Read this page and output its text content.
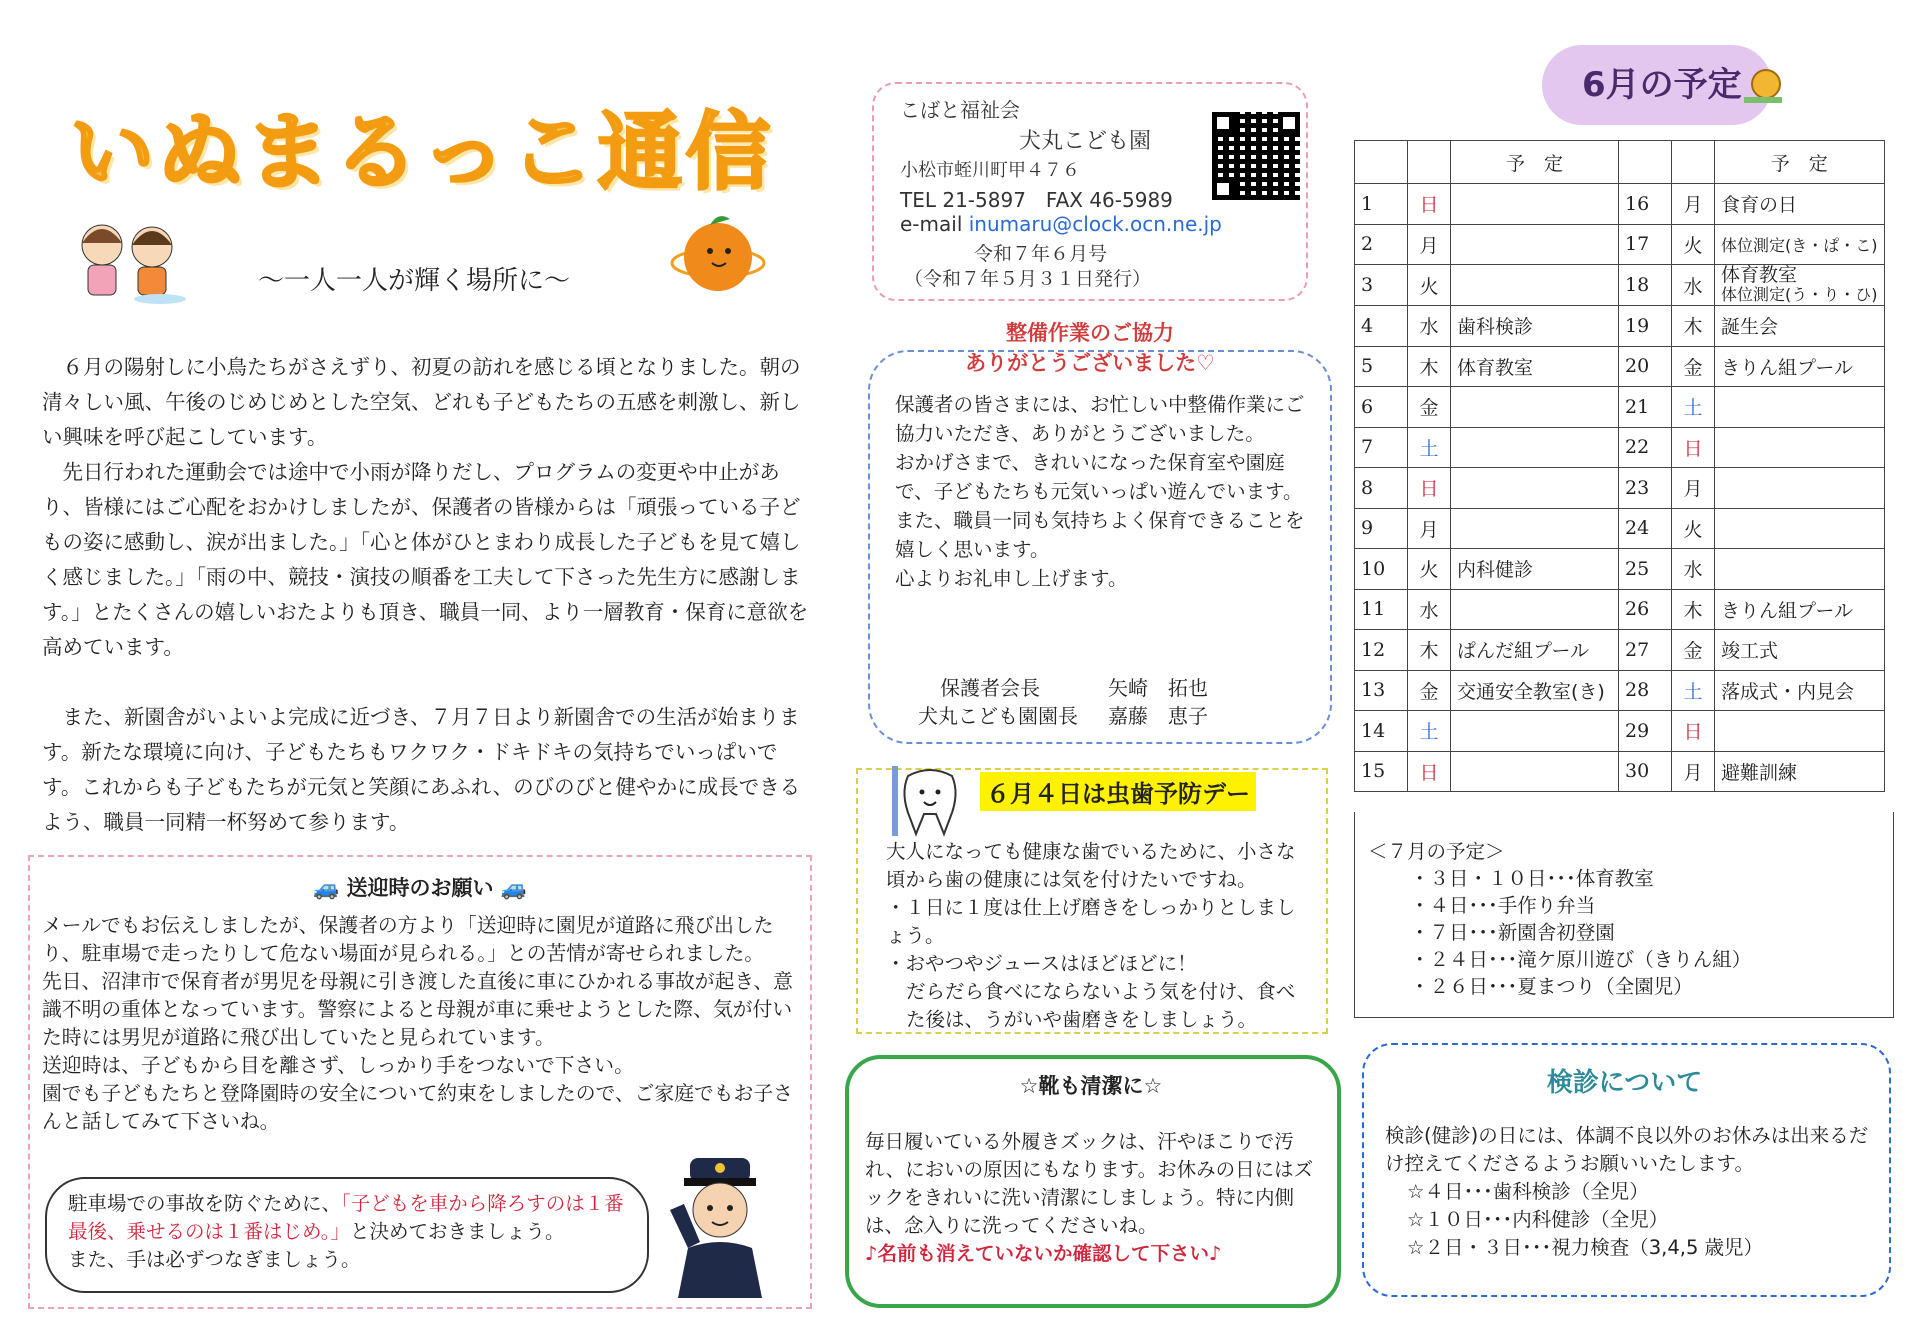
いぬまるっこ通信
～一人一人が輝く場所に～

６月の陽射しに小鳥たちがさえずり、初夏の訪れを感じる頃となりました。朝の清々しい風、午後のじめじめとした空気、どれも子どもたちの五感を刺激し、新しい興味を呼び起こしています。

先日行われた運動会では途中で小雨が降りだし、プログラムの変更や中止があり、皆様にはご心配をおかけしましたが、保護者の皆様からは「頑張っている子どもの姿に感動し、涙が出ました。」「心と体がひとまわり成長した子どもを見て嬉しく感じました。」「雨の中、競技・演技の順番を工夫して下さった先生方に感謝します。」とたくさんの嬉しいおたよりも頂き、職員一同、より一層教育・保育に意欲を高めています。

また、新園舎がいよいよ完成に近づき、７月７日より新園舎での生活が始まります。新たな環境に向け、子どもたちもワクワク・ドキドキの気持ちでいっぱいです。これからも子どもたちが元気と笑顔にあふれ、のびのびと健やかに成長できるよう、職員一同精一杯努めて参ります。

🚙 送迎時のお願い 🚙

メールでもお伝えしましたが、保護者の方より「送迎時に園児が道路に飛び出したり、駐車場で走ったりして危ない場面が見られる。」との苦情が寄せられました。

先日、沼津市で保育者が男児を母親に引き渡した直後に車にひかれる事故が起き、意識不明の重体となっています。警察によると母親が車に乗せようとした際、気が付いた時には男児が道路に飛び出していたと見られています。

送迎時は、子どもから目を離さず、しっかり手をつないで下さい。

園でも子どもたちと登降園時の安全について約束をしましたので、ご家庭でもお子さんと話してみて下さいね。

駐車場での事故を防ぐために、「子どもを車から降ろすのは１番最後、乗せるのは１番はじめ。」と決めておきましょう。
また、手は必ずつなぎましょう。
こばと福祉会
犬丸こども園
小松市蛭川町甲４７６
TEL 21-5897　FAX 46-5989
e-mail inumaru@clock.ocn.ne.jp
令和７年６月号
（令和７年５月３１日発行）
整備作業のご協力
ありがとうございました♡

保護者の皆さまには、お忙しい中整備作業にご協力いただき、ありがとうございました。

おかげさまで、きれいになった保育室や園庭で、子どもたちも元気いっぱい遊んでいます。

また、職員一同も気持ちよく保育できることを嬉しく思います。

心よりお礼申し上げます。

保護者会長	矢崎　拓也
犬丸こども園園長 嘉藤　恵子
６月４日は虫歯予防デー

大人になっても健康な歯でいるために、小さな頃から歯の健康には気を付けたいですね。

・１日に１度は仕上げ磨きをしっかりとしましょう。

・おやつやジュースはほどほどに！

だらだら食べにならないよう気を付け、食べた後は、うがいや歯磨きをしましょう。

☆靴も清潔に☆

毎日履いている外履きズックは、汗やほこりで汚れ、においの原因にもなります。お休みの日にはズックをきれいに洗い清潔にしましょう。特に内側は、念入りに洗ってくださいね。

♪名前も消えていないか確認して下さい♪

6月の予定
		予　定			予　定
1	日		16	月	食育の日
2	月		17	火	体位測定(き・ぱ・こ)
3	火		18	水	体育教室
体位測定(う・り・ひ)

4	水	歯科検診	19	木	誕生会
5	木	体育教室	20	金	きりん組プール
6	金		21	土	
7	土		22	日	
8	日		23	月	
9	月		24	火	
10	火	内科健診	25	水	
11	水		26	木	きりん組プール
12	木	ぱんだ組プール	27	金	竣工式
13	金	交通安全教室(き)	28	土	落成式・内見会
14	土		29	日	
15	日		30	月	避難訓練
＜７月の予定＞
・３日・１０日･･･体育教室
・４日･･･手作り弁当
・７日･･･新園舎初登園
・２４日･･･滝ケ原川遊び（きりん組）
・２６日･･･夏まつり（全園児）
検診について

検診(健診)の日には、体調不良以外のお休みは出来るだけ控えてくださるようお願いいたします。

☆４日･･･歯科検診（全児）
☆１０日･･･内科健診（全児）
☆２日・３日･･･視力検査（3,4,5 歳児）
